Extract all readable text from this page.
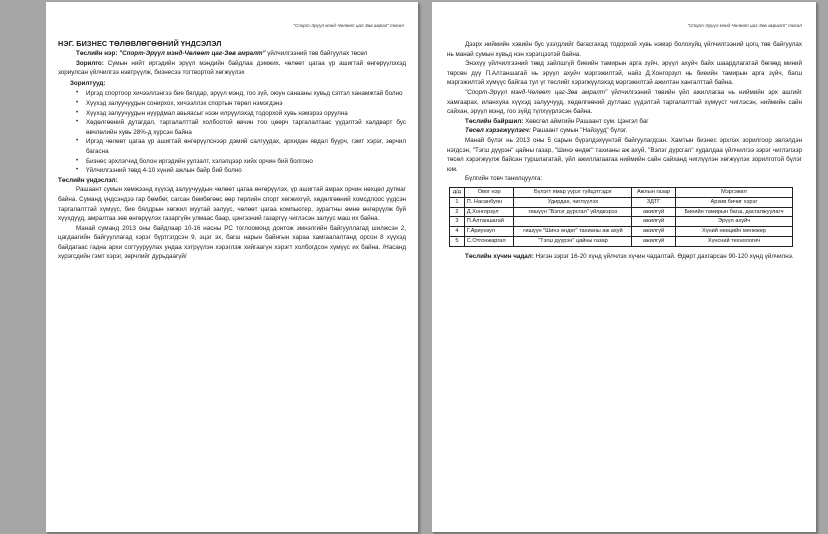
"Спорт-Эрүүл мэнд-Чөлөөт цаг-Зөв амрал" төсөл

НЭГ. БИЗНЕС ТӨЛӨВЛӨГӨӨНИЙ ҮНДСЭЛЭЛ

Төслийн нэр: "Спорт-Эрүүл мэнд-Чөлөөт цаг-Зөв амралт" үйлчилгээний төв байгуулах төсөл

Зорилго: Сумын нийт иргэдийн эрүүл мэндийн байдлаа дэмжих, чөлөөт цагаа үр ашигтай өнгөрүүлэхэд зориулсан үйлчилгээ нэвтрүүлж, бизнесээ тогтвортой хөгжүүлэх

Зорилтууд:

• Иргэд спортоор хичээллэнгээ бие бялдар, эрүүл мэнд, гоо зүй, оюун санааны хувьд сэтгэл ханамжтай болно
• Хүүхэд залуучуудын сонирхох, хичээллэх спортын төрөл нэмэгдэнэ
• Хүүхэд залуучуудын нүүрдмал авьяасыг нээн илрүүлэхэд тодорхой хувь нэмэрээ оруулна
• Хөдөлгөөний дутагдал, таргалалттай холбоотой өвчин тоо цөөрч таргалалтаас үүдэлтэй халдварт бус өвчлөлийн хувь 28%-д хүрсэн байна
• Иргэд чөлөөт цагаа үр ашигтай өнгөрүүлснээр дэмий салгуудах, архидан явдал буурч, гэмт хэрэг, зөрчил багасна
• Бизнес эрхлэгчид болон иргэдийн уулзалт, хэлэлцээр хийх орчин бий болгоно
• Үйлчилгээний төвд 4-10 хүний ажлын байр бий болно

Төслийн үндэслэл:

Рашаант сумын хөмжээнд хүүхэд залуучуудын чөлөөт цагаа өнгөрүүлэх, үр ашигтай амрах орчин нөхцөл дутмаг байна. Суманд үндсэндээ гар бөмбөг, сагсан бөмбөгөөс өөр төрлийн спорт хөгжихгүй, хөдөлгөөний хомсдлоос үүдсэн таргалалттай хүмүүс, бие бялдрын хөгжил муутай залуус, чөлөөт цагаа компьютер, зурагтны өмнө өнгөрүүлж буй хүүхдүүд, амралтаа зөв өнгөрүүлэх газаргүйн улмаас баар, цэнгээний газаргүү чиглэсэн залуус маш их байна.

Манай суманд 2013 оны байдлаар 10-16 насны PC тоглоомонд донтож эмнэлгийн байгууллагад шилжсэн 2, цагдаагийн байгууллагад хэрэг бүртгэгдсэн 9, эцэг эх, багш нарын байнгын хараа хамгаалалтанд орсон 8 хүүхэд байдагаас гадна архи согтууруулах ундаа хэтрүүлэн хэрэглэж хийгаагүн хэрэгт холбогдсон хүмүүс их байна. /Насанд хүрэгсдийн гэмт хэрэг, зөрчлийг дурьдаагүй/

"Спорт-Эрүүл мэнд-Чөлөөт цаг-Зөв амралт" төсөл

Дээрх ниймийн хэвийн бус үзэгдлийг багасгахад тодорхой хувь нэмэр болохуйц үйлчилгээний цогц төв байгуулах нь манай сумын хувьд нэн хэрэгцээтэй байна.

Энэхүү үйлчилгээний төвд зайлшгүй биеийн тамирын арга зүйч, эрүүл ахуйч байх шаардлагатай бөгөөд миний төрсөн дүү П.Алтаншагай нь эрүүл ахуйч мэргэжилтэй, найз Д.Хонгорзул нь биеийн тамирын арга зүйч, багш мэргэжилтэй хүмүүс байгаа тул үг төслийг хэрэгжүүлэхэд мэргэжилтэй ажилтан хангалттай байна.

"Спорт-Эрүүл мэнд-Чөлөөт цаг-Зөв амралт" үйлчилгээний төвийн үйл ажиллагаа нь ниймийн эрх ашгийг хамгаарах, иланхуяа хүүхэд залуучууд, хөдөлгөөний дутлаас үүдэлтэй таргалалттай хүмүүст чиглэсэн, ниймийн сайн сайхан, эрүүл мэнд, гоо зүйд түлхүүрлэсэн байна.

Төслийн байршил: Хөвсгөл аймгийн Рашаант сум. Цэнгэл баг

Төсөл хэрэгжүүлэгч: Рашаант сумын "Найзууд" бүлэг.

Манай бүлэг нь 2013 оны 5 сарын бүрэлдэхүүнтэй байгуулагдсан. Хамтын бизнес эрхлэх зорилгоор эвлэлдэн нэгдсэн, "Тэгш дүүрэн" цайны газар, "Шинэ өндөг" тахианы аж ахуй, "Вэлэг дүрсгал" худалдаа үйлчилгээ зэрэг чиглэлээр төсөл хэрэгжүүлж байсан туршлагатай, үйл ажиллагаагаа ниймийн сайн сайханд чиглүүлэн хөгжүүлэх зорилготой бүлэг юм.

Бүлгийн товч танилцуулга:

д/д	Овог нэр	Бүлэгт ямар үүрэг гүйцэтгэдэг	Ажлын газар	Мэргэжил
1	П. Насанбуян	Удирдах, чиглүүлэх	ЗДТГ	Архив бичиг хэрэг
2	Д.Хонгорзул	гишүүн "Вэлэг дүрсгал" үйлдвэрээ	ажилгүй	Биеийн тамирын багш, дасгалжуулагч
3	П.Алтаншагай		ажилгүй	Эрүүл ахуйч
4	Г.Ариунзул	гишүүн "Шинэ өндөг" тахианы аж ахуй	ажилгүй	Хүний нөөцийн менежер
5	С.Отгонжаргал	"Тэгш дүүрэн" цайны газар	ажилгүй	Хүнсний технологич

Төслийн хүчин чадал: Нэгэн зэрэг 16-20 хүнд үйлчлэх хүчин чадалтай. Өдөрт дахгарсан 90-120 хүнд үйлчилнэ.
